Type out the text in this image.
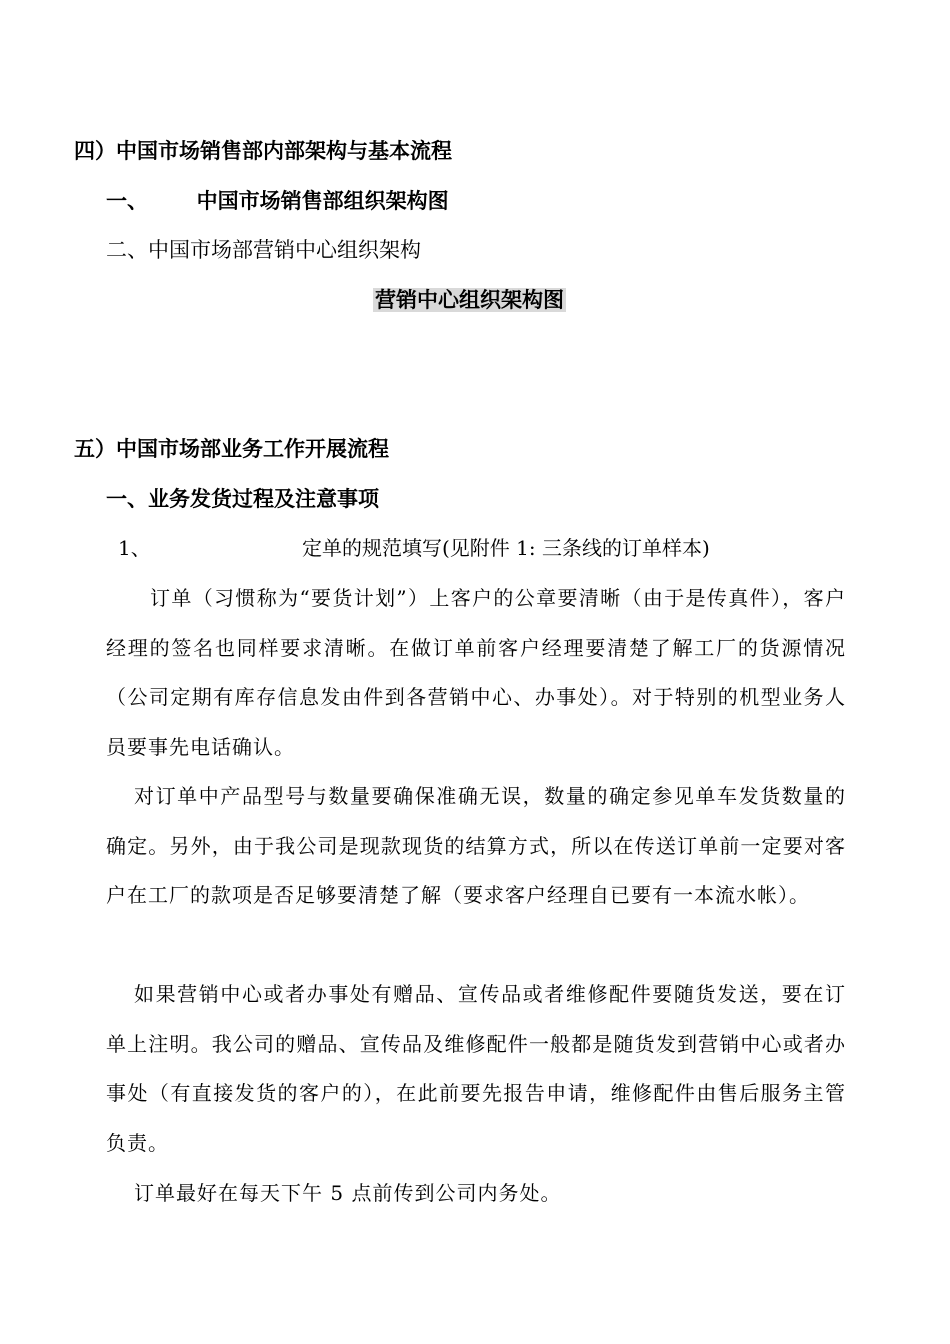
四）中国市场销售部内部架构与基本流程
一、 中国市场销售部组织架构图
二、中国市场部营销中心组织架构
营销中心组织架构图
五）中国市场部业务工作开展流程
一、业务发货过程及注意事项
1、	定单的规范填写(见附件 1: 三条线的订单样本)

订单（习惯称为“要货计划”）上客户的公章要清晰（由于是传真件），客户经理的签名也同样要求清晰。在做订单前客户经理要清楚了解工厂的货源情况（公司定期有库存信息发由件到各营销中心、办事处）。对于特别的机型业务人员要事先电话确认。

对订单中产品型号与数量要确保准确无误，数量的确定参见单车发货数量的确定。另外，由于我公司是现款现货的结算方式，所以在传送订单前一定要对客户在工厂的款项是否足够要清楚了解（要求客户经理自已要有一本流水帐）。

如果营销中心或者办事处有赠品、宣传品或者维修配件要随货发送，要在订单上注明。我公司的赠品、宣传品及维修配件一般都是随货发到营销中心或者办事处（有直接发货的客户的），在此前要先报告申请，维修配件由售后服务主管负责。

订单最好在每天下午 5 点前传到公司内务处。
